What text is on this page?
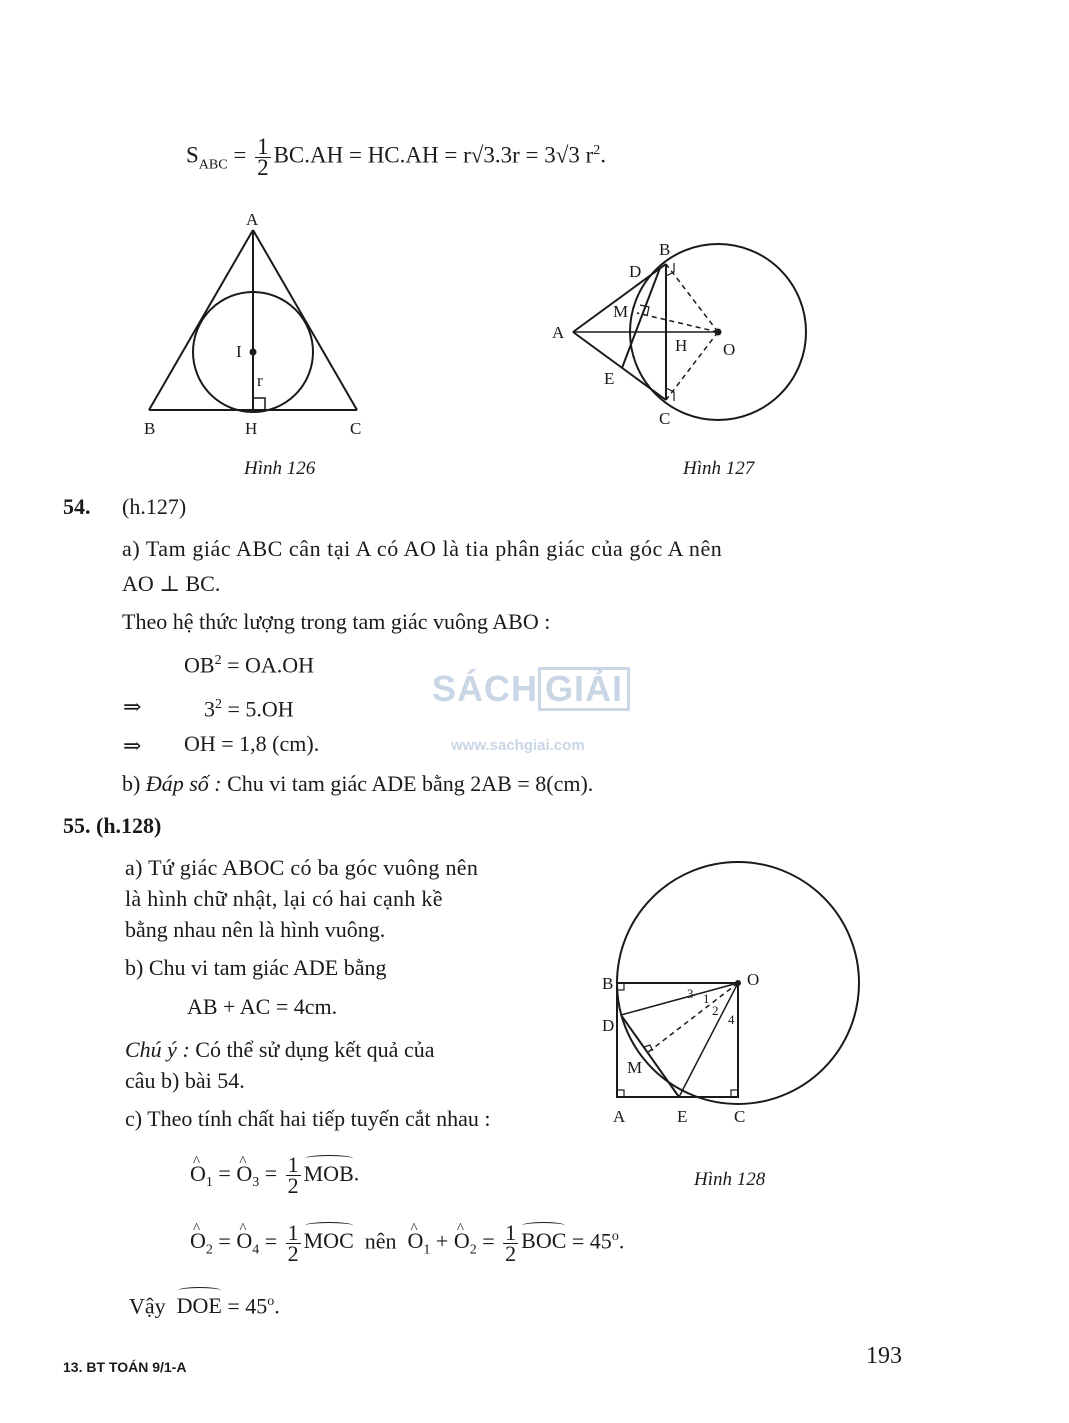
$S_{ABC} = \frac{1}{2} BC.AH = HC.AH = r√3.3r = 3√3$ $r^2$.
A
B	C
H
I
r
Hình 126
A
B
C
D
E
M
H O
Hình 127
54. (h.127)
a) Tam giác ABC cân tại A có AO là tia phân giác của góc A nên
AO ⊥ BC.
Theo hệ thức lượng trong tam giác vuông ABO :
$OB^2 = OA.OH$
⇒	$3^2 = 5.OH$
⇒ OH = 1,8 (cm).
b) Đáp số : Chu vi tam giác ADE bằng 2AB = 8(cm).
SÁCH GIẢI
www.sachgiai.com
55. (h.128)
a) Tứ giác ABOC có ba góc vuông nên
là hình chữ nhật, lại có hai cạnh kề
bằng nhau nên là hình vuông.
b) Chu vi tam giác ADE bằng
AB + AC = 4cm.
Chú ý : Có thể sử dụng kết quả của
câu b) bài 54.
c) Theo tính chất hai tiếp tuyến cắt nhau :
^ $O_1$ = ^ $O_3 = \frac{1}{2}$ MOB.
^ $O_2$ = ^ $O_4 = \frac{1}{2}$ MOC nên ^ $O_1$ + ^ $O_2 = \frac{1}{2}$ BOC = $45^o$.
Vậy DOE = $45^o$.
O
B
D
M
A	E	C
3
2
4
1
Hình 128
13. BT TOÁN 9/1-A	193
